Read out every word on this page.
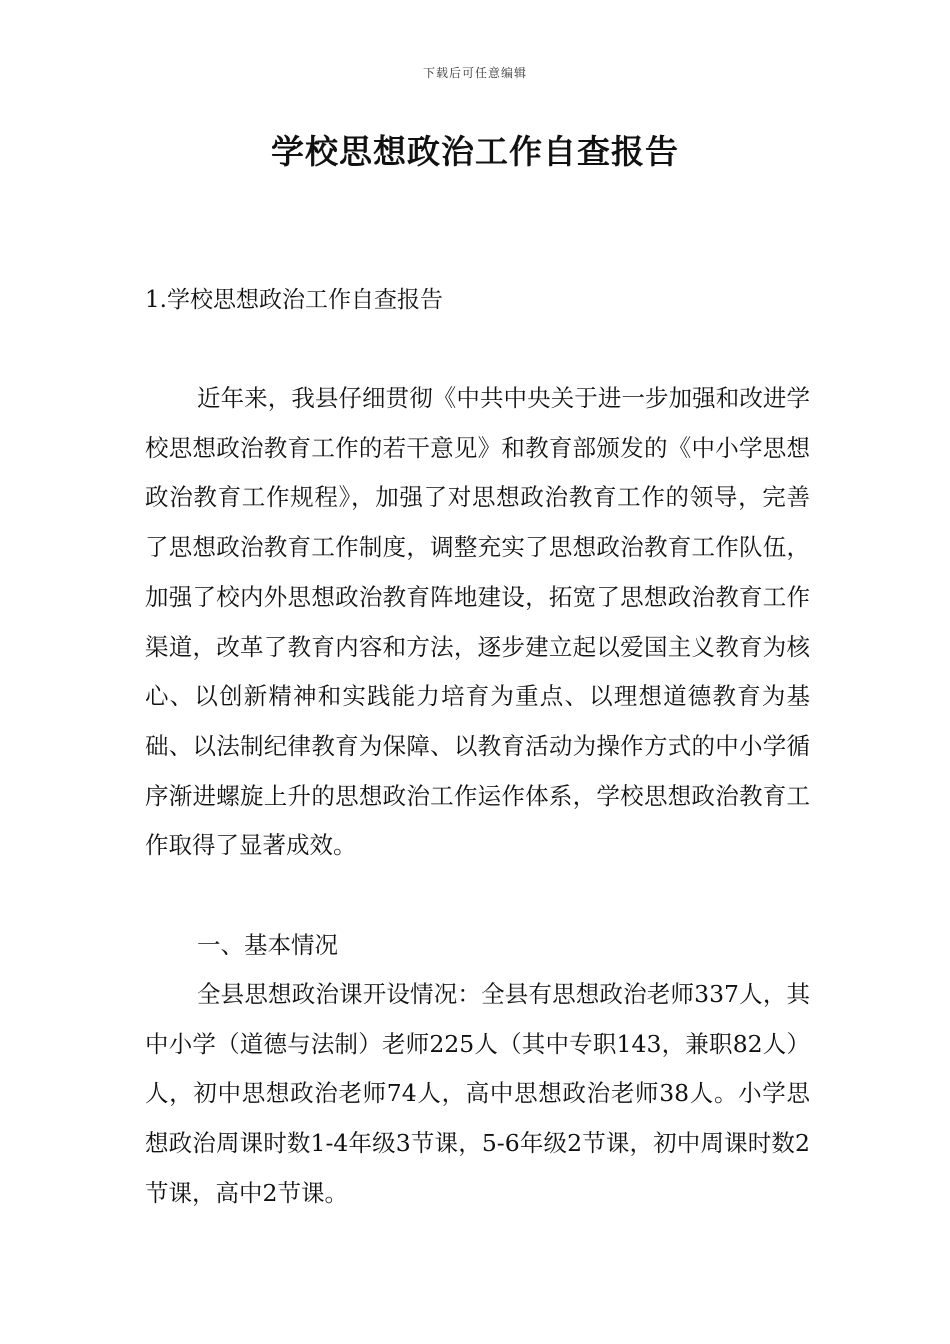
下载后可任意编辑
学校思想政治工作自查报告
1.学校思想政治工作自查报告

近年来，我县仔细贯彻《中共中央关于进一步加强和改进学校思想政治教育工作的若干意见》和教育部颁发的《中小学思想政治教育工作规程》，加强了对思想政治教育工作的领导，完善了思想政治教育工作制度，调整充实了思想政治教育工作队伍，加强了校内外思想政治教育阵地建设，拓宽了思想政治教育工作渠道，改革了教育内容和方法，逐步建立起以爱国主义教育为核心、以创新精神和实践能力培育为重点、以理想道德教育为基础、以法制纪律教育为保障、以教育活动为操作方式的中小学循序渐进螺旋上升的思想政治工作运作体系，学校思想政治教育工作取得了显著成效。

一、基本情况

全县思想政治课开设情况：全县有思想政治老师337人，其中小学（道德与法制）老师225人（其中专职143，兼职82人）人，初中思想政治老师74人，高中思想政治老师38人。小学思想政治周课时数1-4年级3节课，5-6年级2节课，初中周课时数2节课，高中2节课。
